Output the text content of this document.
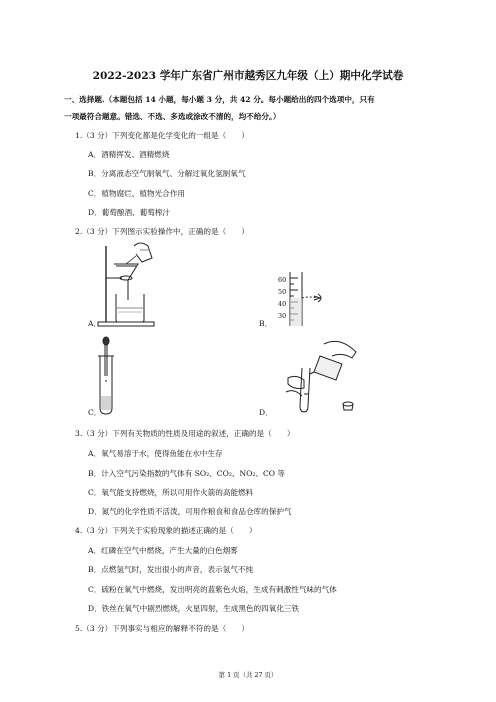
2022-2023 学年广东省广州市越秀区九年级（上）期中化学试卷
一、选择题.（本题包括 14 小题，每小题 3 分，共 42 分。每小题给出的四个选项中，只有
一项最符合题意。错选、不选、多选或涂改不清的，均不给分。）
1.（3 分）下列变化都是化学变化的一组是（　　）
A．酒精挥发、酒精燃烧
B．分离液态空气制氧气、分解过氧化氢制氧气
C．植物腐烂、植物光合作用
D．葡萄酿酒、葡萄榨汁
2.（3 分）下列图示实验操作中，正确的是（　　）
A．
60
50
40
30
B．
C．	D．
3.（3 分）下列有关物质的性质及用途的叙述，正确的是（　　）
A．氧气易溶于水，使得鱼能在水中生存
B．计入空气污染指数的气体有 SO₂、CO₂、NO₂、CO 等
C．氧气能支持燃烧，所以可用作火箭的高能燃料
D．氮气的化学性质不活泼，可用作粮食和食品仓库的保护气
4.（3 分）下列关于实验现象的描述正确的是（　　）
A．红磷在空气中燃烧，产生大量的白色烟雾
B．点燃氢气时，发出很小的声音，表示氢气不纯
C．硫粉在氧气中燃烧，发出明亮的蓝紫色火焰，生成有刺激性气味的气体
D．铁丝在氧气中剧烈燃烧，火星四射，生成黑色的四氧化三铁
5.（3 分）下列事实与相应的解释不符的是（　　）
第 1 页（共 27 页）
